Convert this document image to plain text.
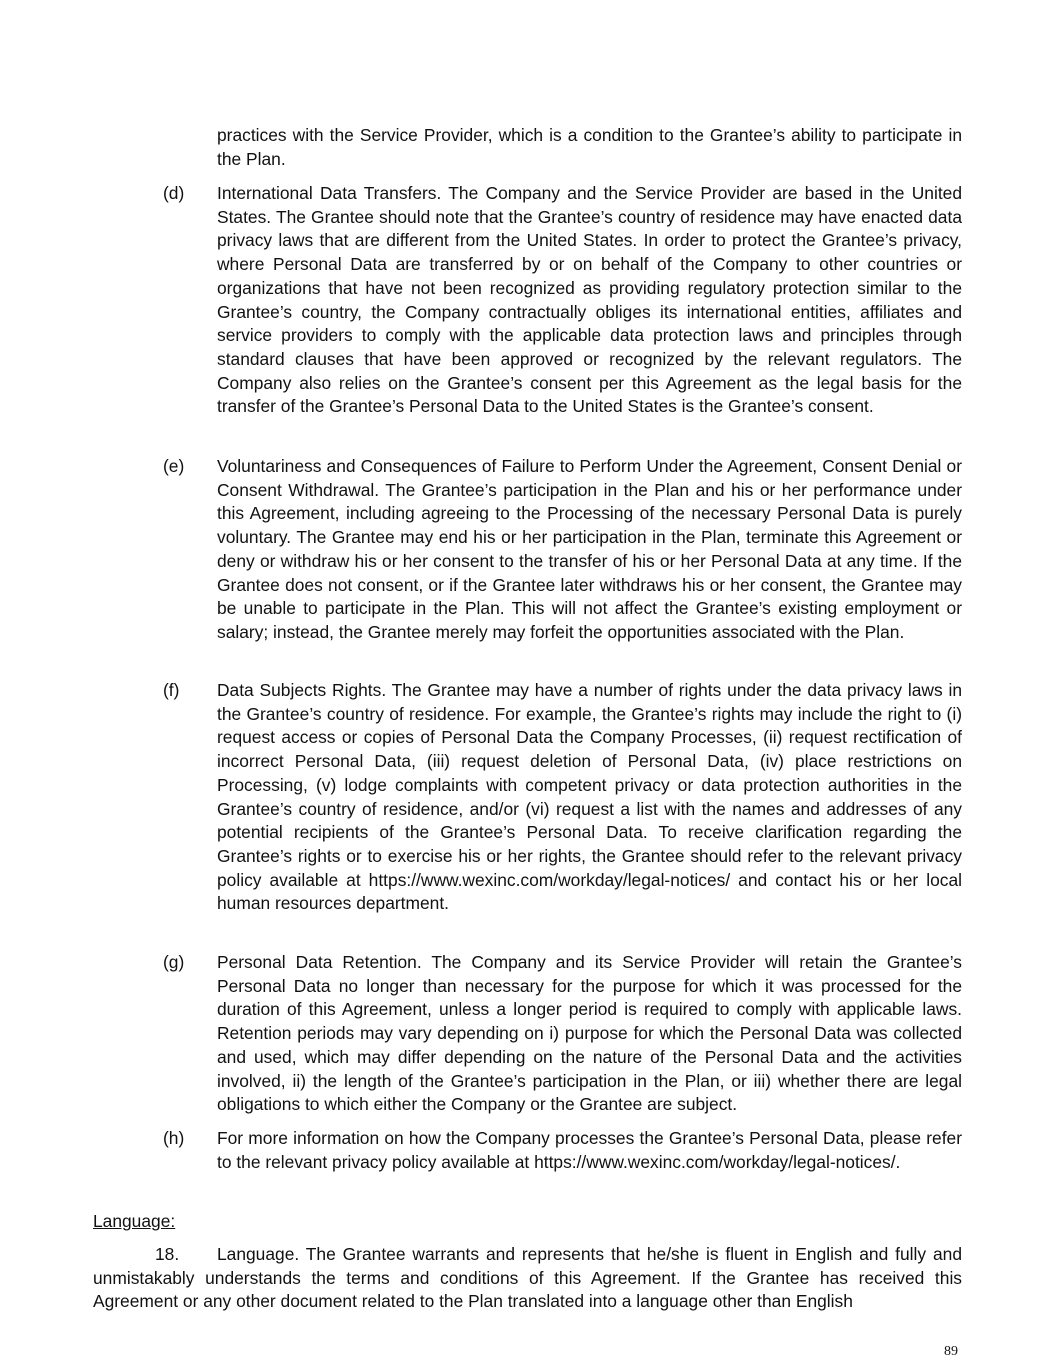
practices with the Service Provider, which is a condition to the Grantee’s ability to participate in the Plan.
(d) International Data Transfers. The Company and the Service Provider are based in the United States. The Grantee should note that the Grantee’s country of residence may have enacted data privacy laws that are different from the United States. In order to protect the Grantee’s privacy, where Personal Data are transferred by or on behalf of the Company to other countries or organizations that have not been recognized as providing regulatory protection similar to the Grantee’s country, the Company contractually obliges its international entities, affiliates and service providers to comply with the applicable data protection laws and principles through standard clauses that have been approved or recognized by the relevant regulators. The Company also relies on the Grantee’s consent per this Agreement as the legal basis for the transfer of the Grantee’s Personal Data to the United States is the Grantee’s consent.
(e) Voluntariness and Consequences of Failure to Perform Under the Agreement, Consent Denial or Consent Withdrawal. The Grantee’s participation in the Plan and his or her performance under this Agreement, including agreeing to the Processing of the necessary Personal Data is purely voluntary. The Grantee may end his or her participation in the Plan, terminate this Agreement or deny or withdraw his or her consent to the transfer of his or her Personal Data at any time. If the Grantee does not consent, or if the Grantee later withdraws his or her consent, the Grantee may be unable to participate in the Plan. This will not affect the Grantee’s existing employment or salary; instead, the Grantee merely may forfeit the opportunities associated with the Plan.
(f) Data Subjects Rights. The Grantee may have a number of rights under the data privacy laws in the Grantee’s country of residence. For example, the Grantee’s rights may include the right to (i) request access or copies of Personal Data the Company Processes, (ii) request rectification of incorrect Personal Data, (iii) request deletion of Personal Data, (iv) place restrictions on Processing, (v) lodge complaints with competent privacy or data protection authorities in the Grantee’s country of residence, and/or (vi) request a list with the names and addresses of any potential recipients of the Grantee’s Personal Data. To receive clarification regarding the Grantee’s rights or to exercise his or her rights, the Grantee should refer to the relevant privacy policy available at https://www.wexinc.com/workday/legal-notices/ and contact his or her local human resources department.
(g) Personal Data Retention. The Company and its Service Provider will retain the Grantee’s Personal Data no longer than necessary for the purpose for which it was processed for the duration of this Agreement, unless a longer period is required to comply with applicable laws. Retention periods may vary depending on i) purpose for which the Personal Data was collected and used, which may differ depending on the nature of the Personal Data and the activities involved, ii) the length of the Grantee’s participation in the Plan, or iii) whether there are legal obligations to which either the Company or the Grantee are subject.
(h) For more information on how the Company processes the Grantee’s Personal Data, please refer to the relevant privacy policy available at https://www.wexinc.com/workday/legal-notices/.
Language:
18. Language. The Grantee warrants and represents that he/she is fluent in English and fully and unmistakably understands the terms and conditions of this Agreement. If the Grantee has received this Agreement or any other document related to the Plan translated into a language other than English
89
